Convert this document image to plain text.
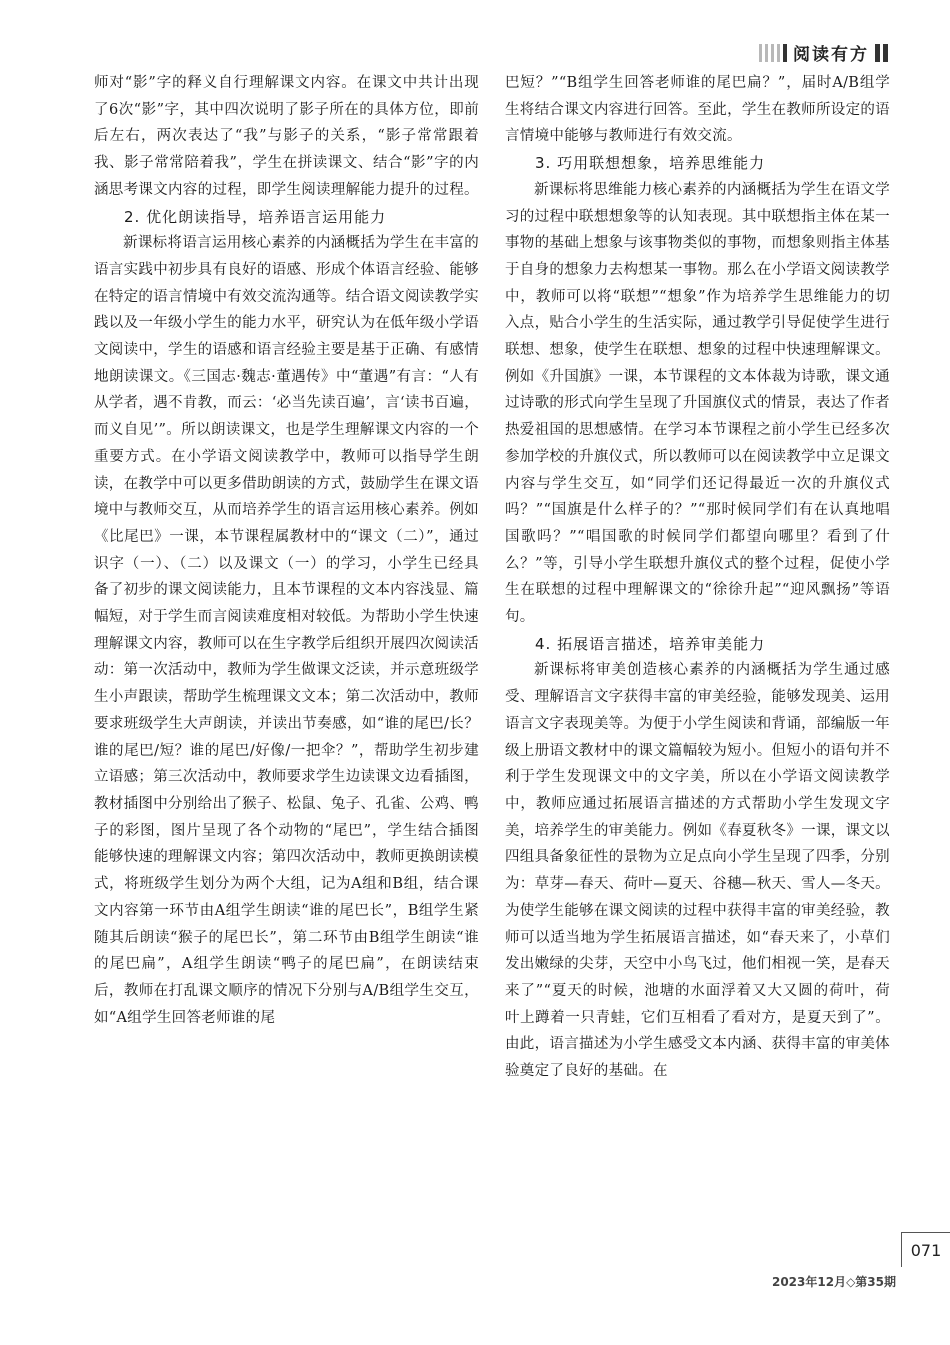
阅读有方

师对“影”字的释义自行理解课文内容。在课文中共计出现了6次“影”字，其中四次说明了影子所在的具体方位，即前后左右，两次表达了“我”与影子的关系，“影子常常跟着我、影子常常陪着我”，学生在拼读课文、结合“影”字的内涵思考课文内容的过程，即学生阅读理解能力提升的过程。

2. 优化朗读指导，培养语言运用能力

新课标将语言运用核心素养的内涵概括为学生在丰富的语言实践中初步具有良好的语感、形成个体语言经验、能够在特定的语言情境中有效交流沟通等。结合语文阅读教学实践以及一年级小学生的能力水平，研究认为在低年级小学语文阅读中，学生的语感和语言经验主要是基于正确、有感情地朗读课文。《三国志·魏志·董遇传》中“董遇”有言：“人有从学者，遇不肯教，而云：‘必当先读百遍’，言‘读书百遍，而义自见’”。所以朗读课文，也是学生理解课文内容的一个重要方式。在小学语文阅读教学中，教师可以指导学生朗读，在教学中可以更多借助朗读的方式，鼓励学生在课文语境中与教师交互，从而培养学生的语言运用核心素养。例如《比尾巴》一课，本节课程属教材中的“课文（二）”，通过识字（一）、（二）以及课文（一）的学习，小学生已经具备了初步的课文阅读能力，且本节课程的文本内容浅显、篇幅短，对于学生而言阅读难度相对较低。为帮助小学生快速理解课文内容，教师可以在生字教学后组织开展四次阅读活动：第一次活动中，教师为学生做课文泛读，并示意班级学生小声跟读，帮助学生梳理课文文本；第二次活动中，教师要求班级学生大声朗读，并读出节奏感，如“谁的尾巴/长？谁的尾巴/短？谁的尾巴/好像/一把伞？”，帮助学生初步建立语感；第三次活动中，教师要求学生边读课文边看插图，教材插图中分别给出了猴子、松鼠、兔子、孔雀、公鸡、鸭子的彩图，图片呈现了各个动物的“尾巴”，学生结合插图能够快速的理解课文内容；第四次活动中，教师更换朗读模式，将班级学生划分为两个大组，记为A组和B组，结合课文内容第一环节由A组学生朗读“谁的尾巴长”，B组学生紧随其后朗读“猴子的尾巴长”，第二环节由B组学生朗读“谁的尾巴扁”，A组学生朗读“鸭子的尾巴扁”，在朗读结束后，教师在打乱课文顺序的情况下分别与A/B组学生交互，如“A组学生回答老师谁的尾

巴短？”“B组学生回答老师谁的尾巴扁？”，届时A/B组学生将结合课文内容进行回答。至此，学生在教师所设定的语言情境中能够与教师进行有效交流。

3. 巧用联想想象，培养思维能力

新课标将思维能力核心素养的内涵概括为学生在语文学习的过程中联想想象等的认知表现。其中联想指主体在某一事物的基础上想象与该事物类似的事物，而想象则指主体基于自身的想象力去构想某一事物。那么在小学语文阅读教学中，教师可以将“联想”“想象”作为培养学生思维能力的切入点，贴合小学生的生活实际，通过教学引导促使学生进行联想、想象，使学生在联想、想象的过程中快速理解课文。例如《升国旗》一课，本节课程的文本体裁为诗歌，课文通过诗歌的形式向学生呈现了升国旗仪式的情景，表达了作者热爱祖国的思想感情。在学习本节课程之前小学生已经多次参加学校的升旗仪式，所以教师可以在阅读教学中立足课文内容与学生交互，如“同学们还记得最近一次的升旗仪式吗？”“国旗是什么样子的？”“那时候同学们有在认真地唱国歌吗？”“唱国歌的时候同学们都望向哪里？看到了什么？”等，引导小学生联想升旗仪式的整个过程，促使小学生在联想的过程中理解课文的“徐徐升起”“迎风飘扬”等语句。

4. 拓展语言描述，培养审美能力

新课标将审美创造核心素养的内涵概括为学生通过感受、理解语言文字获得丰富的审美经验，能够发现美、运用语言文字表现美等。为便于小学生阅读和背诵，部编版一年级上册语文教材中的课文篇幅较为短小。但短小的语句并不利于学生发现课文中的文字美，所以在小学语文阅读教学中，教师应通过拓展语言描述的方式帮助小学生发现文字美，培养学生的审美能力。例如《春夏秋冬》一课，课文以四组具备象征性的景物为立足点向小学生呈现了四季，分别为：草芽—春天、荷叶—夏天、谷穗—秋天、雪人—冬天。为使学生能够在课文阅读的过程中获得丰富的审美经验，教师可以适当地为学生拓展语言描述，如“春天来了，小草们发出嫩绿的尖芽，天空中小鸟飞过，他们相视一笑，是春天来了”“夏天的时候，池塘的水面浮着又大又圆的荷叶，荷叶上蹲着一只青蛙，它们互相看了看对方，是夏天到了”。由此，语言描述为小学生感受文本内涵、获得丰富的审美体验奠定了良好的基础。在

071
2023年12月◇第35期
